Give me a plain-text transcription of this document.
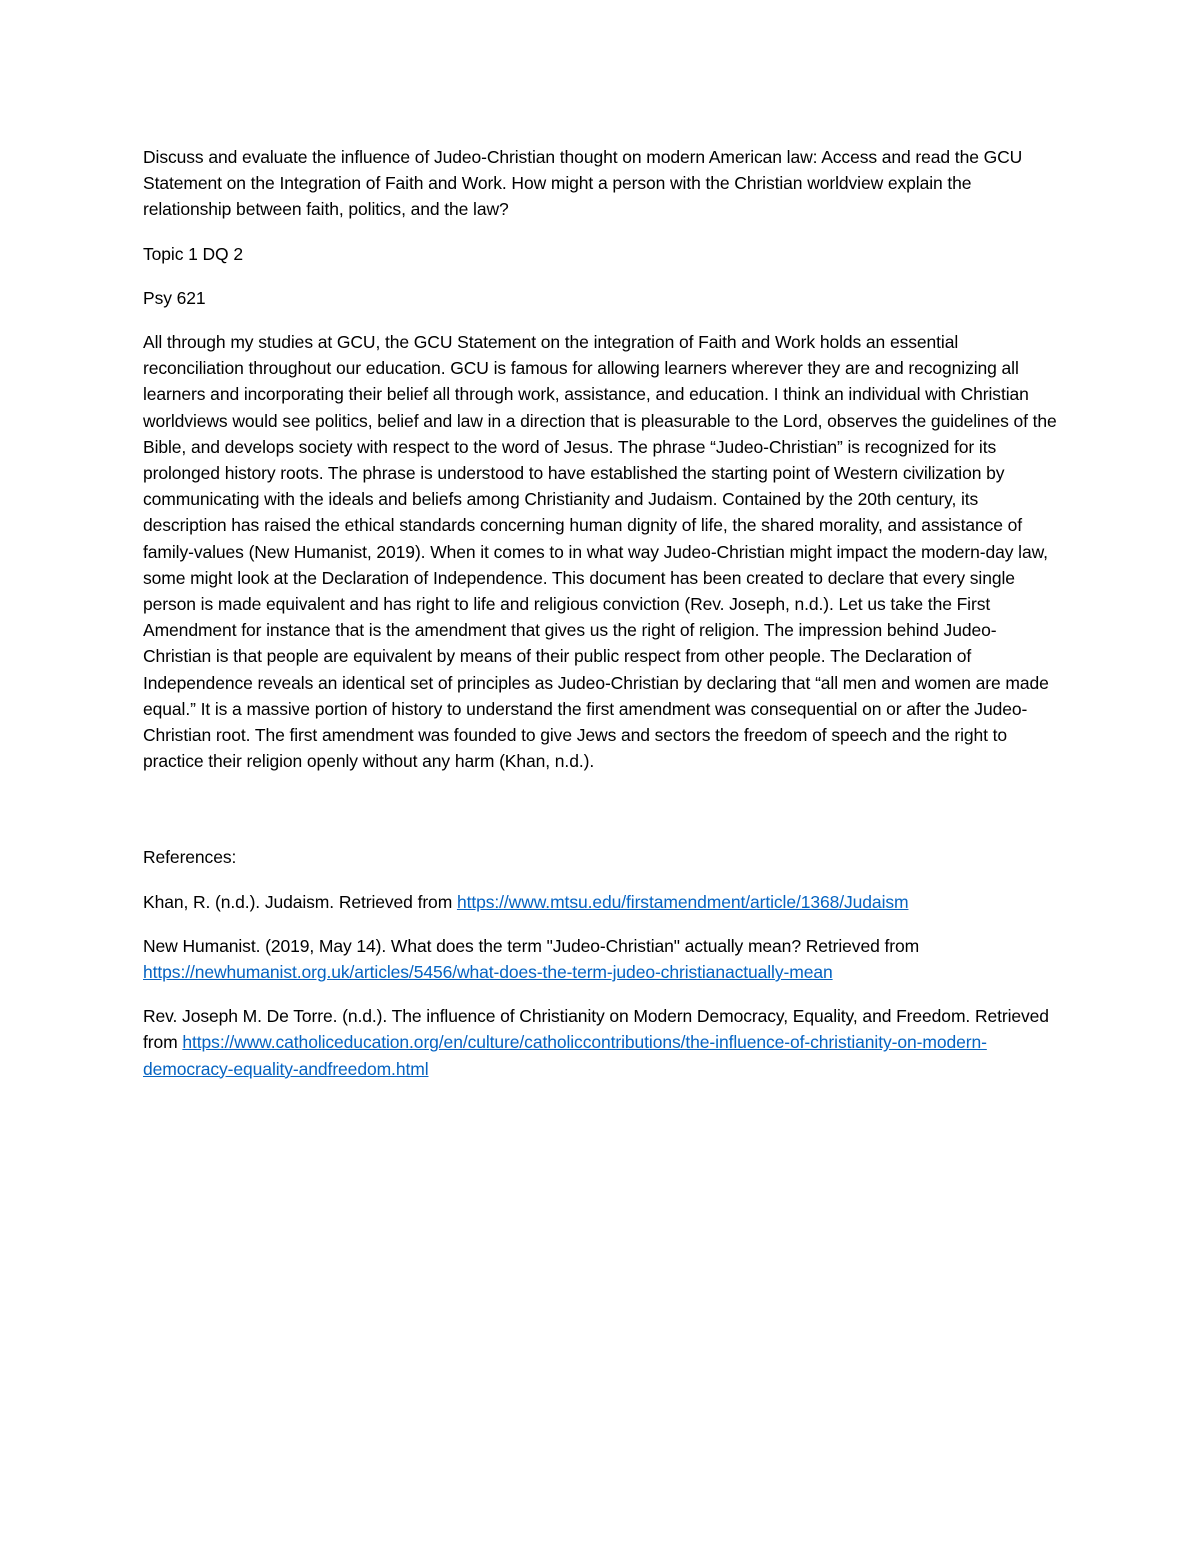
Discuss and evaluate the influence of Judeo-Christian thought on modern American law: Access and read the GCU Statement on the Integration of Faith and Work. How might a person with the Christian worldview explain the relationship between faith, politics, and the law?

Topic 1 DQ 2

Psy 621

All through my studies at GCU, the GCU Statement on the integration of Faith and Work holds an essential reconciliation throughout our education. GCU is famous for allowing learners wherever they are and recognizing all learners and incorporating their belief all through work, assistance, and education. I think an individual with Christian worldviews would see politics, belief and law in a direction that is pleasurable to the Lord, observes the guidelines of the Bible, and develops society with respect to the word of Jesus. The phrase “Judeo-Christian” is recognized for its prolonged history roots. The phrase is understood to have established the starting point of Western civilization by communicating with the ideals and beliefs among Christianity and Judaism. Contained by the 20th century, its description has raised the ethical standards concerning human dignity of life, the shared morality, and assistance of family-values (New Humanist, 2019). When it comes to in what way Judeo-Christian might impact the modern-day law, some might look at the Declaration of Independence. This document has been created to declare that every single person is made equivalent and has right to life and religious conviction (Rev. Joseph, n.d.). Let us take the First Amendment for instance that is the amendment that gives us the right of religion. The impression behind Judeo-Christian is that people are equivalent by means of their public respect from other people. The Declaration of Independence reveals an identical set of principles as Judeo-Christian by declaring that “all men and women are made equal.” It is a massive portion of history to understand the first amendment was consequential on or after the Judeo-Christian root. The first amendment was founded to give Jews and sectors the freedom of speech and the right to practice their religion openly without any harm (Khan, n.d.).

References:

Khan, R. (n.d.). Judaism. Retrieved from https://www.mtsu.edu/firstamendment/article/1368/Judaism

New Humanist. (2019, May 14). What does the term "Judeo-Christian" actually mean? Retrieved from https://newhumanist.org.uk/articles/5456/what-does-the-term-judeo-christianactually-mean

Rev. Joseph M. De Torre. (n.d.). The influence of Christianity on Modern Democracy, Equality, and Freedom. Retrieved from https://www.catholiceducation.org/en/culture/catholiccontributions/the-influence-of-christianity-on-modern-democracy-equality-andfreedom.html
